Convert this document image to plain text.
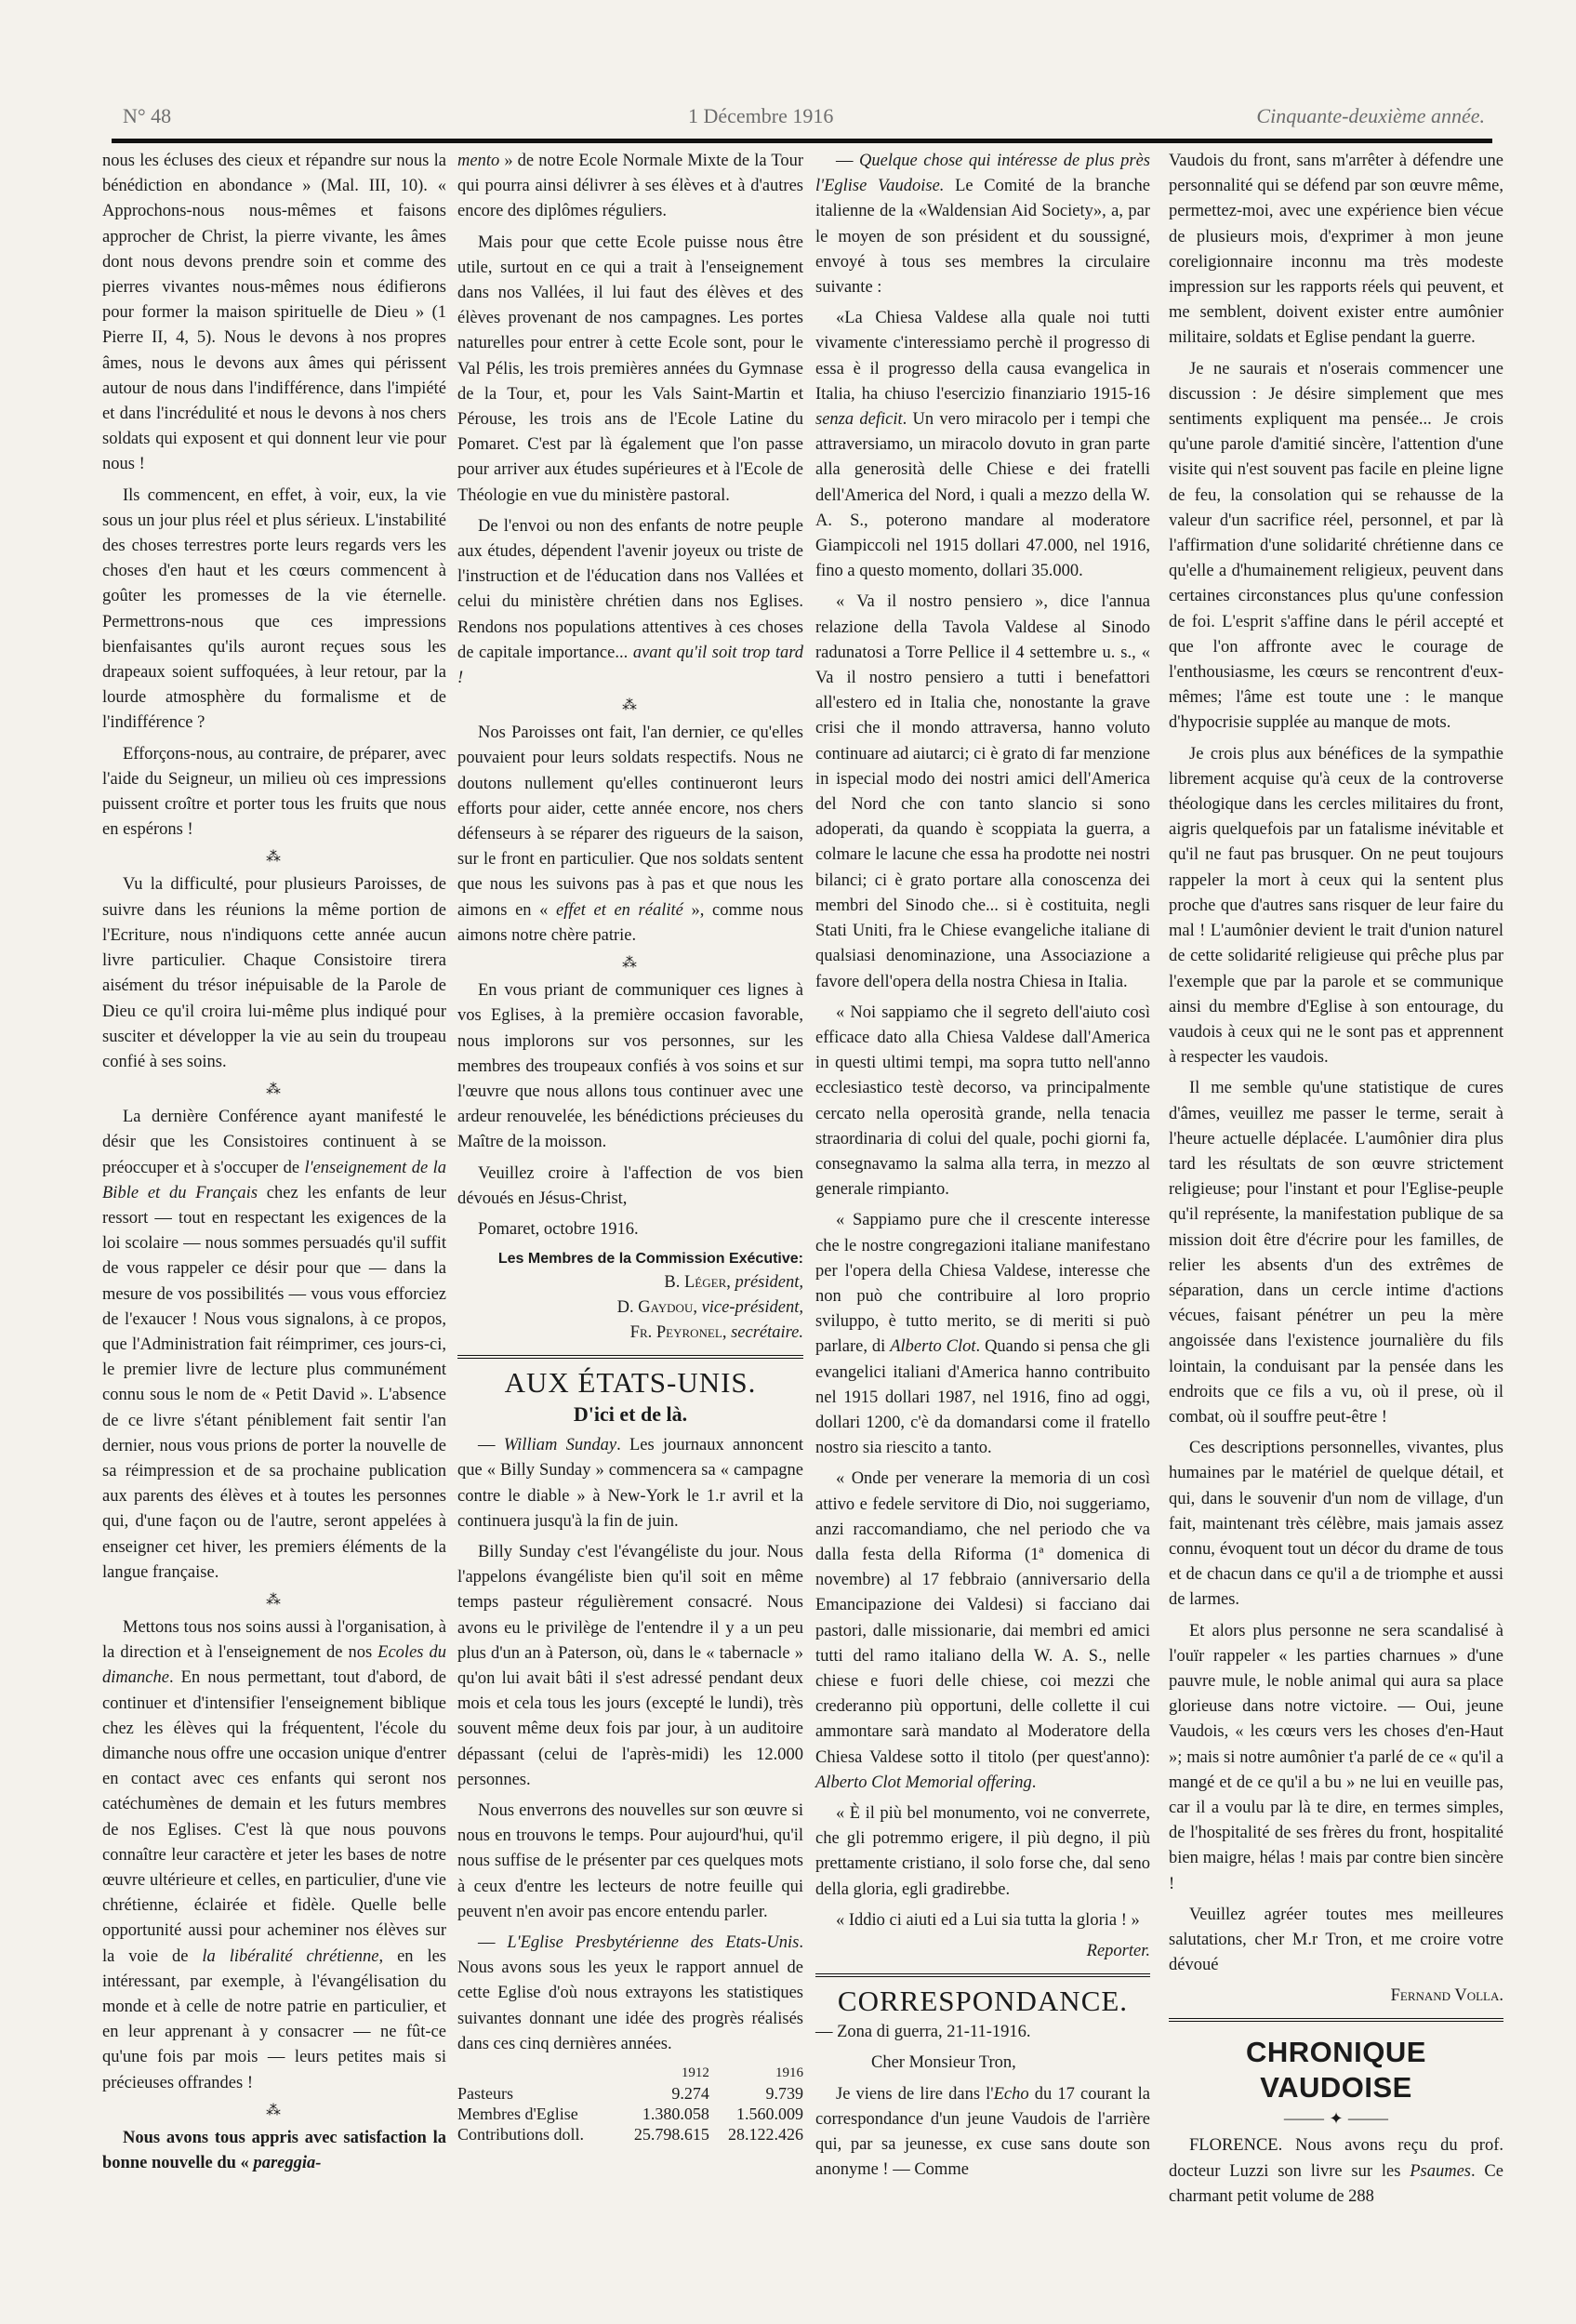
N° 48	1 Décembre 1916	Cinquante-deuxième année.

nous les écluses des cieux et répandre sur nous la bénédiction en abondance » (Mal. III, 10). « Approchons-nous nous-mêmes et faisons approcher de Christ, la pierre vivante, les âmes dont nous devons prendre soin et comme des pierres vivantes nous-mêmes nous édifierons pour former la maison spirituelle de Dieu » (1 Pierre II, 4, 5). Nous le devons à nos propres âmes, nous le devons aux âmes qui périssent autour de nous dans l'indifférence, dans l'impiété et dans l'incrédulité et nous le devons à nos chers soldats qui exposent et qui donnent leur vie pour nous !

Ils commencent, en effet, à voir, eux, la vie sous un jour plus réel et plus sérieux. L'instabilité des choses terrestres porte leurs regards vers les choses d'en haut et les cœurs commencent à goûter les promesses de la vie éternelle. Permettrons-nous que ces impressions bienfaisantes qu'ils auront reçues sous les drapeaux soient suffoquées, à leur retour, par la lourde atmosphère du formalisme et de l'indifférence ?

Efforçons-nous, au contraire, de préparer, avec l'aide du Seigneur, un milieu où ces impressions puissent croître et porter tous les fruits que nous en espérons !

⁂

Vu la difficulté, pour plusieurs Paroisses, de suivre dans les réunions la même portion de l'Ecriture, nous n'indiquons cette année aucun livre particulier. Chaque Consistoire tirera aisément du trésor inépuisable de la Parole de Dieu ce qu'il croira lui-même plus indiqué pour susciter et développer la vie au sein du troupeau confié à ses soins.

⁂

La dernière Conférence ayant manifesté le désir que les Consistoires continuent à se préoccuper et à s'occuper de l'enseignement de la Bible et du Français chez les enfants de leur ressort — tout en respectant les exigences de la loi scolaire — nous sommes persuadés qu'il suffit de vous rappeler ce désir pour que — dans la mesure de vos possibilités — vous vous efforciez de l'exaucer ! Nous vous signalons, à ce propos, que l'Administration fait réimprimer, ces jours-ci, le premier livre de lecture plus communément connu sous le nom de « Petit David ». L'absence de ce livre s'étant péniblement fait sentir l'an dernier, nous vous prions de porter la nouvelle de sa réimpression et de sa prochaine publication aux parents des élèves et à toutes les personnes qui, d'une façon ou de l'autre, seront appelées à enseigner cet hiver, les premiers éléments de la langue française.

⁂

Mettons tous nos soins aussi à l'organisation, à la direction et à l'enseignement de nos Ecoles du dimanche. En nous permettant, tout d'abord, de continuer et d'intensifier l'enseignement biblique chez les élèves qui la fréquentent, l'école du dimanche nous offre une occasion unique d'entrer en contact avec ces enfants qui seront nos catéchumènes de demain et les futurs membres de nos Eglises. C'est là que nous pouvons connaître leur caractère et jeter les bases de notre œuvre ultérieure et celles, en particulier, d'une vie chrétienne, éclairée et fidèle. Quelle belle opportunité aussi pour acheminer nos élèves sur la voie de la libéralité chrétienne, en les intéressant, par exemple, à l'évangélisation du monde et à celle de notre patrie en particulier, et en leur apprenant à y consacrer — ne fût-ce qu'une fois par mois — leurs petites mais si précieuses offrandes !

⁂

Nous avons tous appris avec satisfaction la bonne nouvelle du « pareggia-

mento » de notre Ecole Normale Mixte de la Tour qui pourra ainsi délivrer à ses élèves et à d'autres encore des diplômes réguliers.

Mais pour que cette Ecole puisse nous être utile, surtout en ce qui a trait à l'enseignement dans nos Vallées, il lui faut des élèves et des élèves provenant de nos campagnes. Les portes naturelles pour entrer à cette Ecole sont, pour le Val Pélis, les trois premières années du Gymnase de la Tour, et, pour les Vals Saint-Martin et Pérouse, les trois ans de l'Ecole Latine du Pomaret. C'est par là également que l'on passe pour arriver aux études supérieures et à l'Ecole de Théologie en vue du ministère pastoral.

De l'envoi ou non des enfants de notre peuple aux études, dépendent l'avenir joyeux ou triste de l'instruction et de l'éducation dans nos Vallées et celui du ministère chrétien dans nos Eglises. Rendons nos populations attentives à ces choses de capitale importance... avant qu'il soit trop tard !

⁂

Nos Paroisses ont fait, l'an dernier, ce qu'elles pouvaient pour leurs soldats respectifs. Nous ne doutons nullement qu'elles continueront leurs efforts pour aider, cette année encore, nos chers défenseurs à se réparer des rigueurs de la saison, sur le front en particulier. Que nos soldats sentent que nous les suivons pas à pas et que nous les aimons en « effet et en réalité », comme nous aimons notre chère patrie.

⁂

En vous priant de communiquer ces lignes à vos Eglises, à la première occasion favorable, nous implorons sur vos personnes, sur les membres des troupeaux confiés à vos soins et sur l'œuvre que nous allons tous continuer avec une ardeur renouvelée, les bénédictions précieuses du Maître de la moisson.

Veuillez croire à l'affection de vos bien dévoués en Jésus-Christ,

Pomaret, octobre 1916.

Les Membres de la Commission Exécutive:
B. Léger, président,
D. Gaydou, vice-président,
Fr. Peyronel, secrétaire.
AUX ÉTATS-UNIS.
D'ici et de là.

— William Sunday. Les journaux annoncent que « Billy Sunday » commencera sa « campagne contre le diable » à New-York le 1.r avril et la continuera jusqu'à la fin de juin.

Billy Sunday c'est l'évangéliste du jour. Nous l'appelons évangéliste bien qu'il soit en même temps pasteur régulièrement consacré. Nous avons eu le privilège de l'entendre il y a un peu plus d'un an à Paterson, où, dans le « tabernacle » qu'on lui avait bâti il s'est adressé pendant deux mois et cela tous les jours (excepté le lundi), très souvent même deux fois par jour, à un auditoire dépassant (celui de l'après-midi) les 12.000 personnes.

Nous enverrons des nouvelles sur son œuvre si nous en trouvons le temps. Pour aujourd'hui, qu'il nous suffise de le présenter par ces quelques mots à ceux d'entre les lecteurs de notre feuille qui peuvent n'en avoir pas encore entendu parler.

— L'Eglise Presbytérienne des Etats-Unis. Nous avons sous les yeux le rapport annuel de cette Eglise d'où nous extrayons les statistiques suivantes donnant une idée des progrès réalisés dans ces cinq dernières années.

	1912	1916
Pasteurs	9.274	9.739
Membres d'Eglise	1.380.058	1.560.009
Contributions doll.	25.798.615	28.122.426

— Quelque chose qui intéresse de plus près l'Eglise Vaudoise. Le Comité de la branche italienne de la «Waldensian Aid Society», a, par le moyen de son président et du soussigné, envoyé à tous ses membres la circulaire suivante :

«La Chiesa Valdese alla quale noi tutti vivamente c'interessiamo perchè il progresso di essa è il progresso della causa evangelica in Italia, ha chiuso l'esercizio finanziario 1915-16 senza deficit. Un vero miracolo per i tempi che attraversiamo, un miracolo dovuto in gran parte alla generosità delle Chiese e dei fratelli dell'America del Nord, i quali a mezzo della W. A. S., poterono mandare al moderatore Giampiccoli nel 1915 dollari 47.000, nel 1916, fino a questo momento, dollari 35.000.

« Va il nostro pensiero », dice l'annua relazione della Tavola Valdese al Sinodo radunatosi a Torre Pellice il 4 settembre u. s., « Va il nostro pensiero a tutti i benefattori all'estero ed in Italia che, nonostante la grave crisi che il mondo attraversa, hanno voluto continuare ad aiutarci; ci è grato di far menzione in ispecial modo dei nostri amici dell'America del Nord che con tanto slancio si sono adoperati, da quando è scoppiata la guerra, a colmare le lacune che essa ha prodotte nei nostri bilanci; ci è grato portare alla conoscenza dei membri del Sinodo che... si è costituita, negli Stati Uniti, fra le Chiese evangeliche italiane di qualsiasi denominazione, una Associazione a favore dell'opera della nostra Chiesa in Italia.

« Noi sappiamo che il segreto dell'aiuto così efficace dato alla Chiesa Valdese dall'America in questi ultimi tempi, ma sopra tutto nell'anno ecclesiastico testè decorso, va principalmente cercato nella operosità grande, nella tenacia straordinaria di colui del quale, pochi giorni fa, consegnavamo la salma alla terra, in mezzo al generale rimpianto.

« Sappiamo pure che il crescente interesse che le nostre congregazioni italiane manifestano per l'opera della Chiesa Valdese, interesse che non può che contribuire al loro proprio sviluppo, è tutto merito, se di meriti si può parlare, di Alberto Clot. Quando si pensa che gli evangelici italiani d'America hanno contribuito nel 1915 dollari 1987, nel 1916, fino ad oggi, dollari 1200, c'è da domandarsi come il fratello nostro sia riescito a tanto.

« Onde per venerare la memoria di un così attivo e fedele servitore di Dio, noi suggeriamo, anzi raccomandiamo, che nel periodo che va dalla festa della Riforma (1ª domenica di novembre) al 17 febbraio (anniversario della Emancipazione dei Valdesi) si facciano dai pastori, dalle missionarie, dai membri ed amici tutti del ramo italiano della W. A. S., nelle chiese e fuori delle chiese, coi mezzi che crederanno più opportuni, delle collette il cui ammontare sarà mandato al Moderatore della Chiesa Valdese sotto il titolo (per quest'anno): Alberto Clot Memorial offering.

« È il più bel monumento, voi ne converrete, che gli potremmo erigere, il più degno, il più prettamente cristiano, il solo forse che, dal seno della gloria, egli gradirebbe.

« Iddio ci aiuti ed a Lui sia tutta la gloria ! »

Reporter.
CORRESPONDANCE.

— Zona di guerra, 21-11-1916.

Cher Monsieur Tron,

Je viens de lire dans l'Echo du 17 courant la correspondance d'un jeune Vaudois de l'arrière qui, par sa jeunesse, ex cuse sans doute son anonyme ! — Comme

Vaudois du front, sans m'arrêter à défendre une personnalité qui se défend par son œuvre même, permettez-moi, avec une expérience bien vécue de plusieurs mois, d'exprimer à mon jeune coreligionnaire inconnu ma très modeste impression sur les rapports réels qui peuvent, et me semblent, doivent exister entre aumônier militaire, soldats et Eglise pendant la guerre.

Je ne saurais et n'oserais commencer une discussion : Je désire simplement que mes sentiments expliquent ma pensée... Je crois qu'une parole d'amitié sincère, l'attention d'une visite qui n'est souvent pas facile en pleine ligne de feu, la consolation qui se rehausse de la valeur d'un sacrifice réel, personnel, et par là l'affirmation d'une solidarité chrétienne dans ce qu'elle a d'humainement religieux, peuvent dans certaines circonstances plus qu'une confession de foi. L'esprit s'affine dans le péril accepté et que l'on affronte avec le courage de l'enthousiasme, les cœurs se rencontrent d'eux-mêmes; l'âme est toute une : le manque d'hypocrisie supplée au manque de mots.

Je crois plus aux bénéfices de la sympathie librement acquise qu'à ceux de la controverse théologique dans les cercles militaires du front, aigris quelquefois par un fatalisme inévitable et qu'il ne faut pas brusquer. On ne peut toujours rappeler la mort à ceux qui la sentent plus proche que d'autres sans risquer de leur faire du mal ! L'aumônier devient le trait d'union naturel de cette solidarité religieuse qui prêche plus par l'exemple que par la parole et se communique ainsi du membre d'Eglise à son entourage, du vaudois à ceux qui ne le sont pas et apprennent à respecter les vaudois.

Il me semble qu'une statistique de cures d'âmes, veuillez me passer le terme, serait à l'heure actuelle déplacée. L'aumônier dira plus tard les résultats de son œuvre strictement religieuse; pour l'instant et pour l'Eglise-peuple qu'il représente, la manifestation publique de sa mission doit être d'écrire pour les familles, de relier les absents d'un des extrêmes de séparation, dans un cercle intime d'actions vécues, faisant pénétrer un peu la mère angoissée dans l'existence journalière du fils lointain, la conduisant par la pensée dans les endroits que ce fils a vu, où il prese, où il combat, où il souffre peut-être !

Ces descriptions personnelles, vivantes, plus humaines par le matériel de quelque détail, et qui, dans le souvenir d'un nom de village, d'un fait, maintenant très célèbre, mais jamais assez connu, évoquent tout un décor du drame de tous et de chacun dans ce qu'il a de triomphe et aussi de larmes.

Et alors plus personne ne sera scandalisé à l'ouïr rappeler « les parties charnues » d'une pauvre mule, le noble animal qui aura sa place glorieuse dans notre victoire. — Oui, jeune Vaudois, « les cœurs vers les choses d'en-Haut »; mais si notre aumônier t'a parlé de ce « qu'il a mangé et de ce qu'il a bu » ne lui en veuille pas, car il a voulu par là te dire, en termes simples, de l'hospitalité de ses frères du front, hospitalité bien maigre, hélas ! mais par contre bien sincère !

Veuillez agréer toutes mes meilleures salutations, cher M.r Tron, et me croire votre dévoué

Fernand Volla.
CHRONIQUE VAUDOISE
⸻ ✦ ⸻

FLORENCE. Nous avons reçu du prof. docteur Luzzi son livre sur les Psaumes. Ce charmant petit volume de 288
